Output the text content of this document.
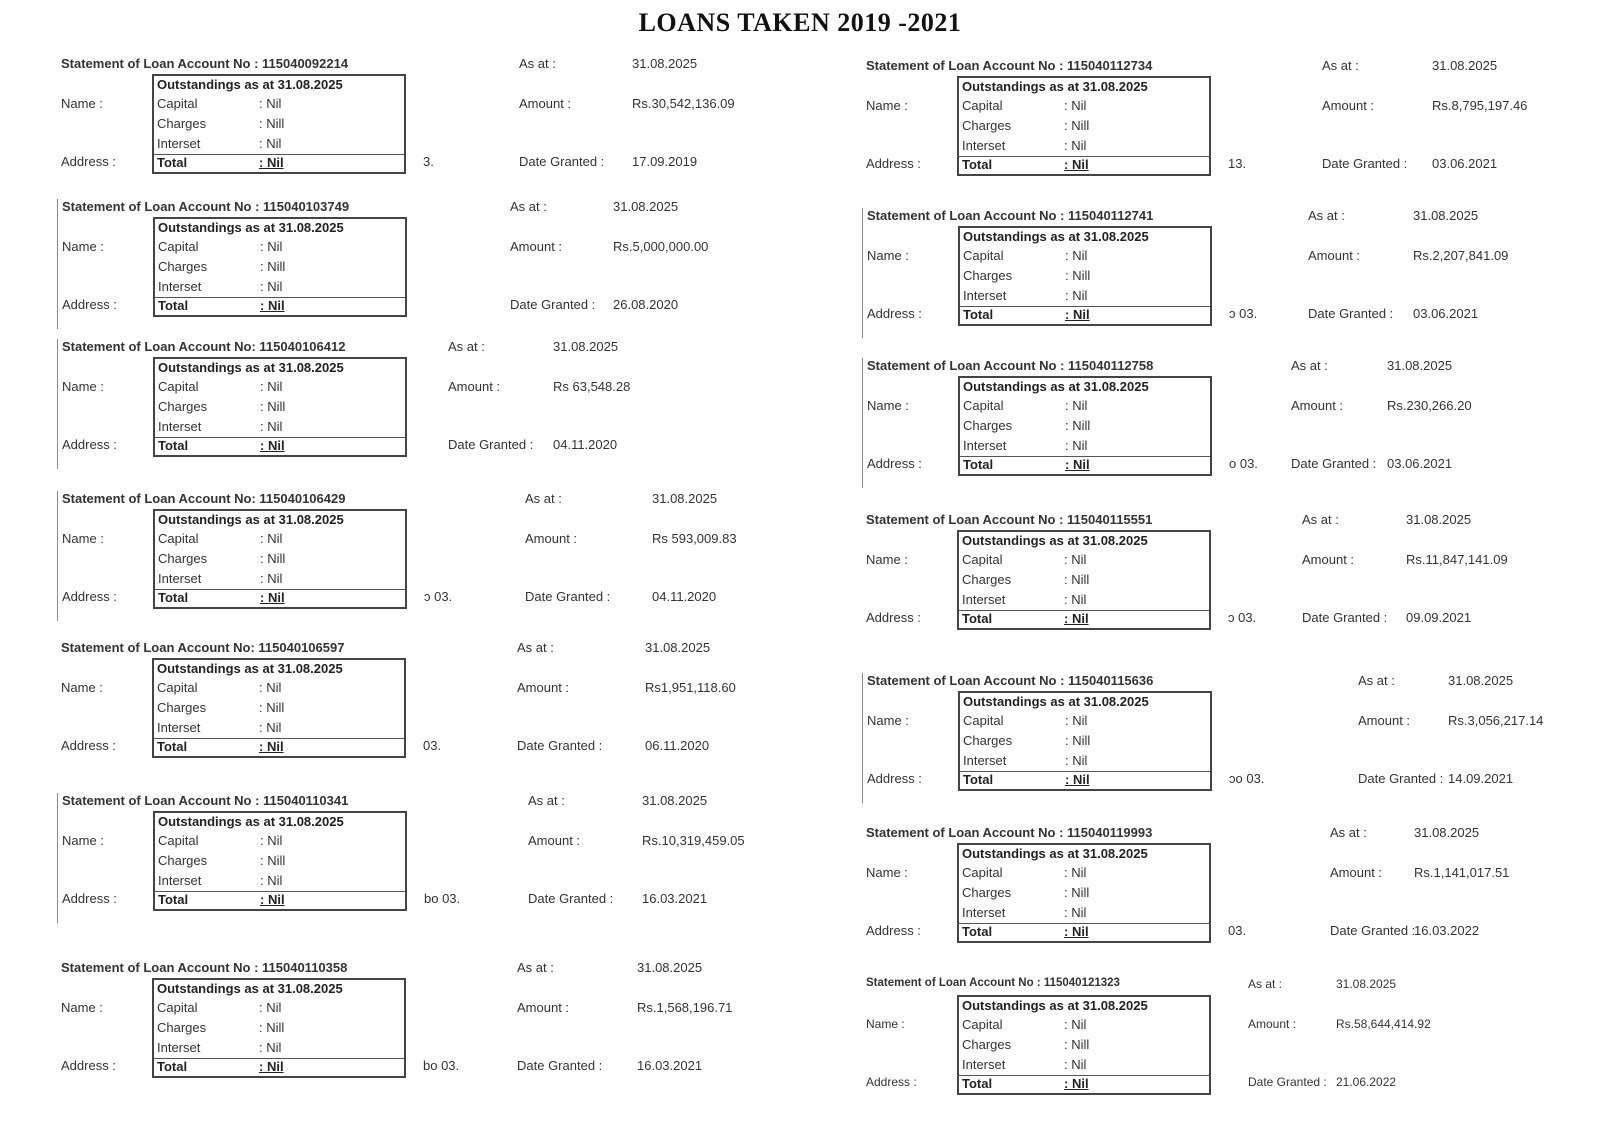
LOANS TAKEN 2019 -2021
Statement of Loan Account No : 115040092214
Name :
Address :
Outstandings as at 31.08.2025
Capital	: Nil
Charges	: Nill
Interset	: Nil
Total	: Nil	3.
As at :	31.08.2025
Amount :	Rs.30,542,136.09
Date Granted : 17.09.2019
Statement of Loan Account No : 115040103749
Name :
Address :
Outstandings as at 31.08.2025
Capital	: Nil
Charges	: Nill
Interset	: Nil
Total	: Nil
As at :	31.08.2025
Amount :	Rs.5,000,000.00
Date Granted : 26.08.2020
Statement of Loan Account No: 115040106412
Name :
Address :
Outstandings as at 31.08.2025
Capital	: Nil
Charges	: Nill
Interset	: Nil
Total	: Nil
As at :	31.08.2025
Amount :	Rs 63,548.28
Date Granted : 04.11.2020
Statement of Loan Account No: 115040106429
Name :
Address :
Outstandings as at 31.08.2025
Capital	: Nil
Charges	: Nill
Interset	: Nil
Total	: Nil	ɔ 03.
As at :	31.08.2025
Amount :	Rs 593,009.83
Date Granted :	04.11.2020
Statement of Loan Account No: 115040106597
Name :
Address :
Outstandings as at 31.08.2025
Capital	: Nil
Charges	: Nill
Interset	: Nil
Total	: Nil	03.
As at :	31.08.2025
Amount :	Rs1,951,118.60
Date Granted :	06.11.2020
Statement of Loan Account No : 115040110341
Name :
Address :
Outstandings as at 31.08.2025
Capital	: Nil
Charges	: Nill
Interset	: Nil
Total	: Nil	bo 03.
As at :	31.08.2025
Amount :	Rs.10,319,459.05
Date Granted : 16.03.2021
Statement of Loan Account No : 115040110358
Name :
Address :
Outstandings as at 31.08.2025
Capital	: Nil
Charges	: Nill
Interset	: Nil
Total	: Nil	bo 03.
As at :	31.08.2025
Amount :	Rs.1,568,196.71
Date Granted :	16.03.2021
Statement of Loan Account No : 115040112734
Name :
Address :
Outstandings as at 31.08.2025
Capital	: Nil
Charges	: Nill
Interset	: Nil
Total	: Nil	13.
As at :	31.08.2025
Amount :	Rs.8,795,197.46
Date Granted : 03.06.2021
Statement of Loan Account No : 115040112741
Name :
Address :
Outstandings as at 31.08.2025
Capital	: Nil
Charges	: Nill
Interset	: Nil
Total	: Nil	ɔ 03.
As at :	31.08.2025
Amount :	Rs.2,207,841.09
Date Granted : 03.06.2021
Statement of Loan Account No : 115040112758
Name :
Address :
Outstandings as at 31.08.2025
Capital	: Nil
Charges	: Nill
Interset	: Nil
Total	: Nil	o 03.
As at :	31.08.2025
Amount :	Rs.230,266.20
Date Granted : 03.06.2021
Statement of Loan Account No : 115040115551
Name :
Address :
Outstandings as at 31.08.2025
Capital	: Nil
Charges	: Nill
Interset	: Nil
Total	: Nil	ɔ 03.
As at :	31.08.2025
Amount :	Rs.11,847,141.09
Date Granted : 09.09.2021
Statement of Loan Account No : 115040115636
Name :
Address :
Outstandings as at 31.08.2025
Capital	: Nil
Charges	: Nill
Interset	: Nil
Total	: Nil	ɔo 03.
As at :	31.08.2025
Amount :	Rs.3,056,217.14
Date Granted : 14.09.2021
Statement of Loan Account No : 115040119993
Name :
Address :
Outstandings as at 31.08.2025
Capital	: Nil
Charges	: Nill
Interset	: Nil
Total	: Nil	03.
As at :	31.08.2025
Amount : Rs.1,141,017.51
Date Granted :
16.03.2022
Statement of Loan Account No : 115040121323
Name :
Address :
Outstandings as at 31.08.2025
Capital	: Nil
Charges	: Nill
Interset	: Nil
Total	: Nil
As at :	31.08.2025
Amount :	Rs.58,644,414.92
Date Granted : 21.06.2022
